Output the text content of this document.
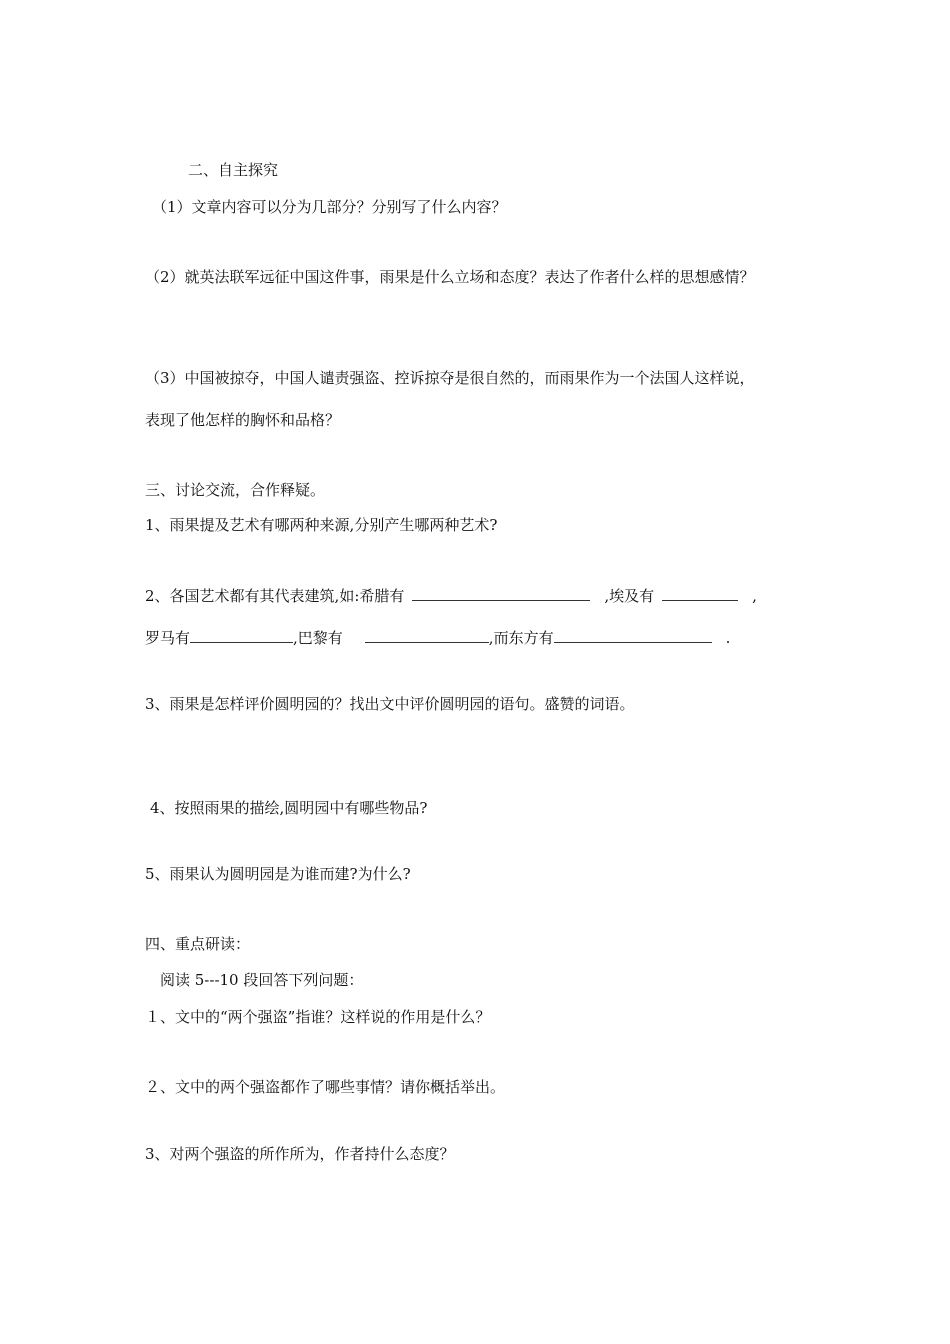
二、自主探究

（1）文章内容可以分为几部分？分别写了什么内容？

（2）就英法联军远征中国这件事，雨果是什么立场和态度？表达了作者什么样的思想感情？

（3）中国被掠夺，中国人谴责强盗、控诉掠夺是很自然的，而雨果作为一个法国人这样说，

表现了他怎样的胸怀和品格？

三、讨论交流，合作释疑。

1、雨果提及艺术有哪两种来源,分别产生哪两种艺术?

2、各国艺术都有其代表建筑,如:希腊有	,埃及有	,
罗马有	,巴黎有	,而东方有	.

3、雨果是怎样评价圆明园的？找出文中评价圆明园的语句。盛赞的词语。

4、按照雨果的描绘,圆明园中有哪些物品?

5、雨果认为圆明园是为谁而建?为什么?

四、重点研读：

阅读 5---10 段回答下列问题：

１、文中的“两个强盗”指谁？这样说的作用是什么？

２、文中的两个强盗都作了哪些事情？请你概括举出。

3、对两个强盗的所作所为，作者持什么态度？
